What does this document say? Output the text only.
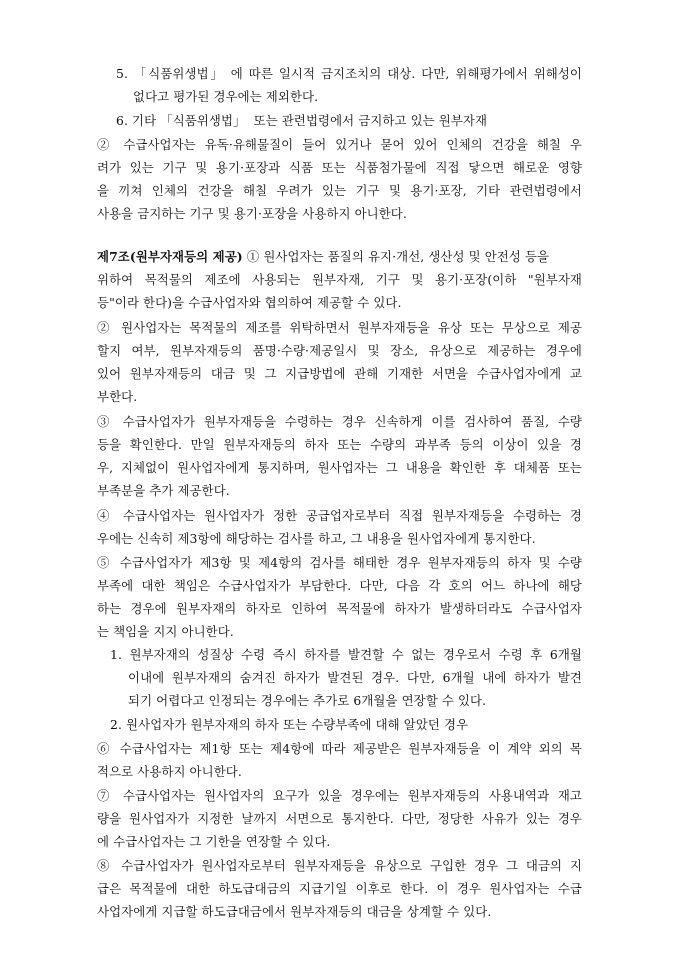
5. 「식품위생법」 에 따른 일시적 금지조치의 대상. 다만, 위해평가에서 위해성이
없다고 평가된 경우에는 제외한다.
6. 기타 「식품위생법」  또는 관련법령에서 금지하고 있는 원부자재
② 수급사업자는 유독·유해물질이 들어 있거나 묻어 있어 인체의 건강을 해칠 우
려가 있는 기구 및 용기·포장과 식품 또는 식품첨가물에 직접 닿으면 해로운 영향
을 끼쳐 인체의 건강을 해칠 우려가 있는 기구 및 용기·포장, 기타 관련법령에서
사용을 금지하는 기구 및 용기·포장을 사용하지 아니한다.
제7조(원부자재등의 제공) ① 원사업자는 품질의 유지·개선, 생산성 및 안전성 등을
위하여 목적물의 제조에 사용되는 원부자재, 기구 및 용기·포장(이하 "원부자재
등"이라 한다)을 수급사업자와 협의하여 제공할 수 있다.
② 원사업자는 목적물의 제조를 위탁하면서 원부자재등을 유상 또는 무상으로 제공
할지 여부, 원부자재등의 품명·수량·제공일시 및 장소, 유상으로 제공하는 경우에
있어 원부자재등의 대금 및 그 지급방법에 관해 기재한 서면을 수급사업자에게 교
부한다.
③ 수급사업자가 원부자재등을 수령하는 경우 신속하게 이를 검사하여 품질, 수량
등을 확인한다. 만일 원부자재등의 하자 또는 수량의 과부족 등의 이상이 있을 경
우, 지체없이 원사업자에게 통지하며, 원사업자는 그 내용을 확인한 후 대체품 또는
부족분을 추가 제공한다.
④ 수급사업자는 원사업자가 정한 공급업자로부터 직접 원부자재등을 수령하는 경
우에는 신속히 제3항에 해당하는 검사를 하고, 그 내용을 원사업자에게 통지한다.
⑤ 수급사업자가 제3항 및 제4항의 검사를 해태한 경우 원부자재등의 하자 및 수량
부족에 대한 책임은 수급사업자가 부담한다. 다만, 다음 각 호의 어느 하나에 해당
하는 경우에 원부자재의 하자로 인하여 목적물에 하자가 발생하더라도 수급사업자
는 책임을 지지 아니한다.
1. 원부자재의 성질상 수령 즉시 하자를 발견할 수 없는 경우로서 수령 후 6개월
이내에 원부자재의 숨겨진 하자가 발견된 경우. 다만, 6개월 내에 하자가 발견
되기 어렵다고 인정되는 경우에는 추가로 6개월을 연장할 수 있다.
2. 원사업자가 원부자재의 하자 또는 수량부족에 대해 알았던 경우
⑥ 수급사업자는 제1항 또는 제4항에 따라 제공받은 원부자재등을 이 계약 외의 목
적으로 사용하지 아니한다.
⑦ 수급사업자는 원사업자의 요구가 있을 경우에는 원부자재등의 사용내역과 재고
량을 원사업자가 지정한 날까지 서면으로 통지한다. 다만, 정당한 사유가 있는 경우
에 수급사업자는 그 기한을 연장할 수 있다.
⑧ 수급사업자가 원사업자로부터 원부자재등을 유상으로 구입한 경우 그 대금의 지
급은 목적물에 대한 하도급대금의 지급기일 이후로 한다. 이 경우 원사업자는 수급
사업자에게 지급할 하도급대금에서 원부자재등의 대금을 상계할 수 있다.
